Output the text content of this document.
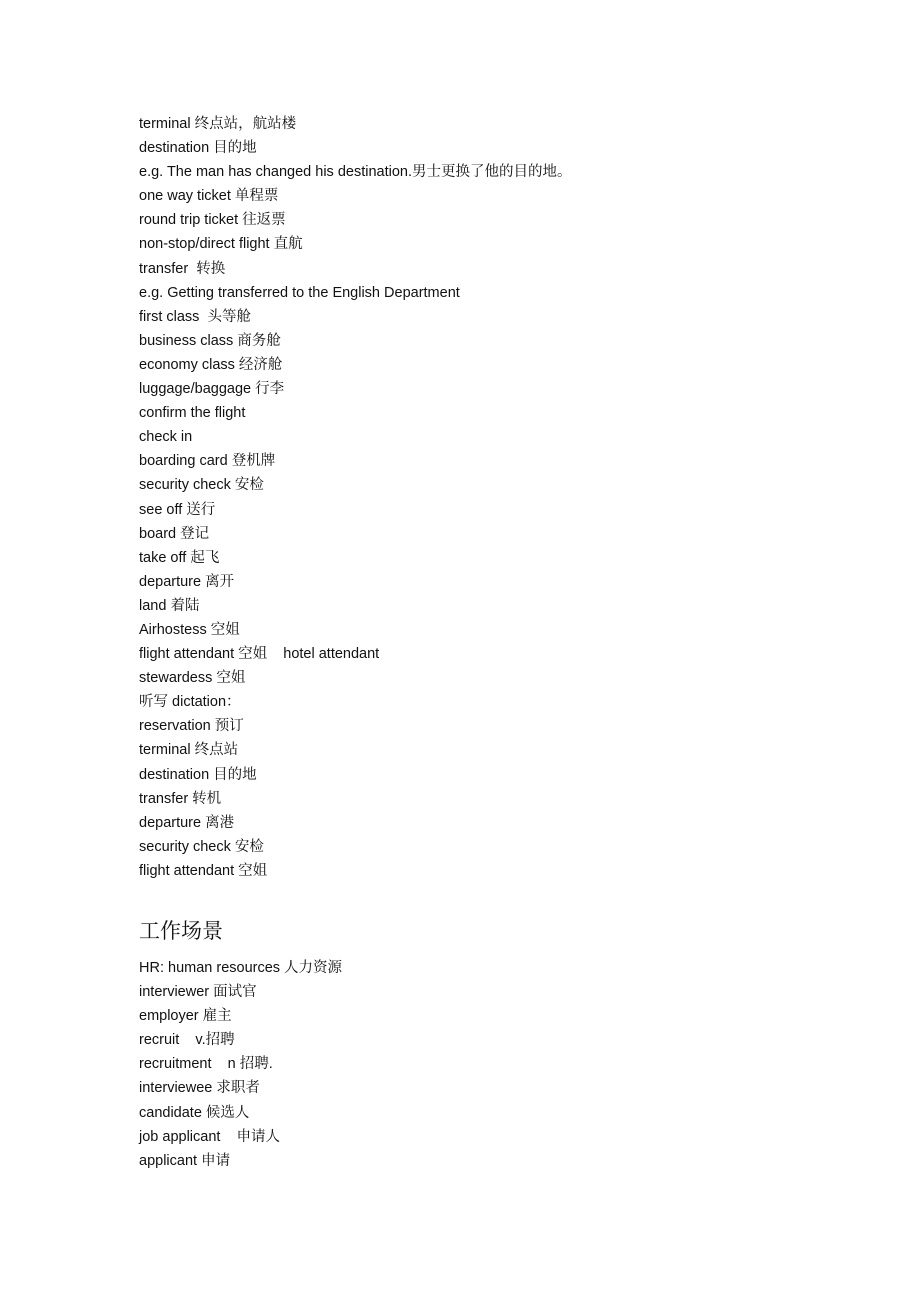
terminal 终点站，航站楼
destination 目的地
e.g. The man has changed his destination.男士更换了他的目的地。
one way ticket 单程票
round trip ticket 往返票
non-stop/direct flight 直航
transfer  转换
e.g. Getting transferred to the English Department
first class  头等舱
business class 商务舱
economy class 经济舱
luggage/baggage 行李
confirm the flight
check in
boarding card 登机牌
security check 安检
see off 送行
board 登记
take off 起飞
departure 离开
land 着陆
Airhostess 空姐
flight attendant 空姐    hotel attendant
stewardess 空姐
听写 dictation：
reservation 预订
terminal 终点站
destination 目的地
transfer 转机
departure 离港
security check 安检
flight attendant 空姐
工作场景
HR: human resources 人力资源
interviewer 面试官
employer 雇主
recruit    v.招聘
recruitment    n 招聘.
interviewee 求职者
candidate 候选人
job applicant    申请人
applicant 申请
